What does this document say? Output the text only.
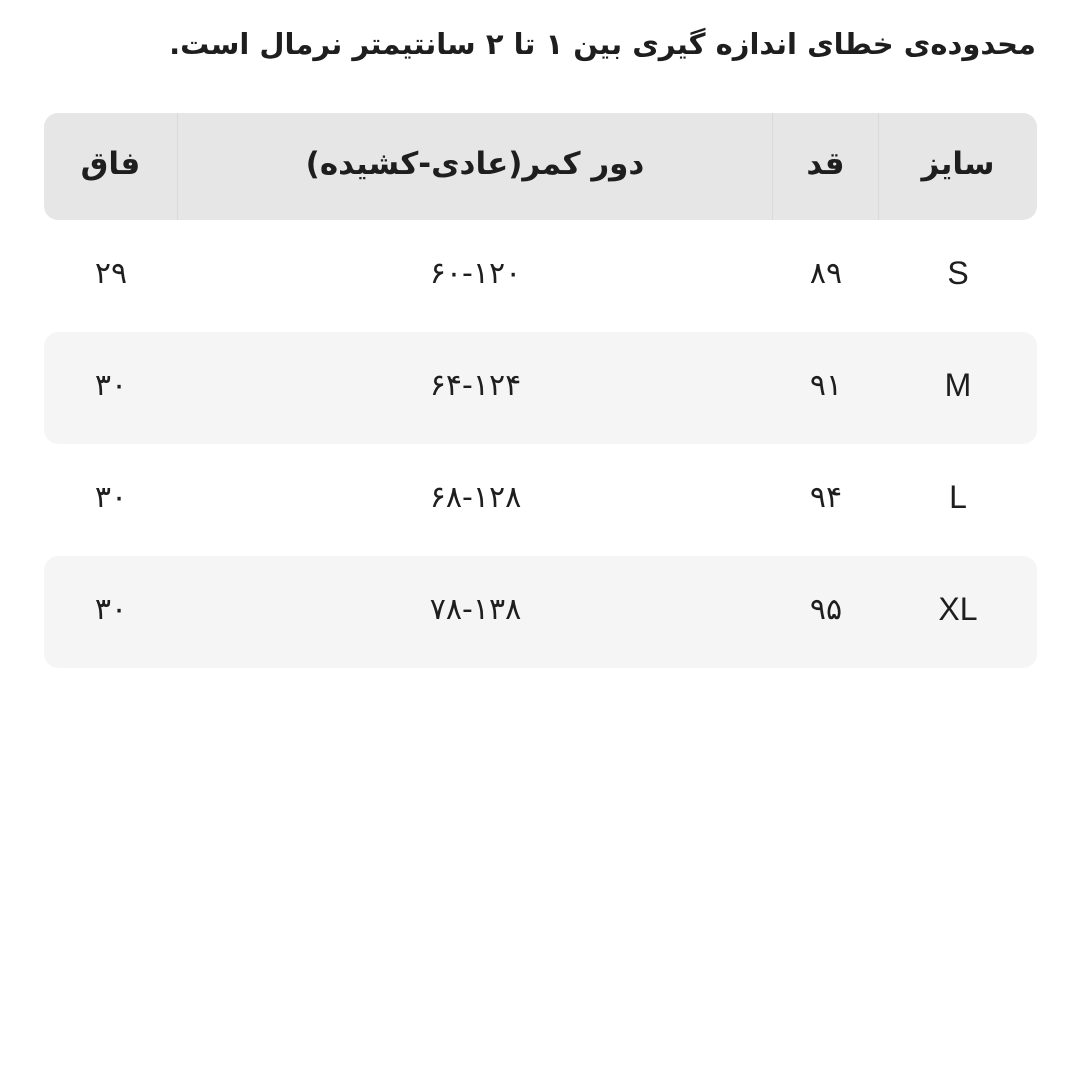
محدوده‌ی خطای اندازه گیری بین ۱ تا ۲ سانتیمتر نرمال است.
سایز
قد
دور کمر(عادی-کشیده)
فاق
S
۸۹
۶۰-۱۲۰
۲۹
M
۹۱
۶۴-۱۲۴
۳۰
L
۹۴
۶۸-۱۲۸
۳۰
XL
۹۵
۷۸-۱۳۸
۳۰
